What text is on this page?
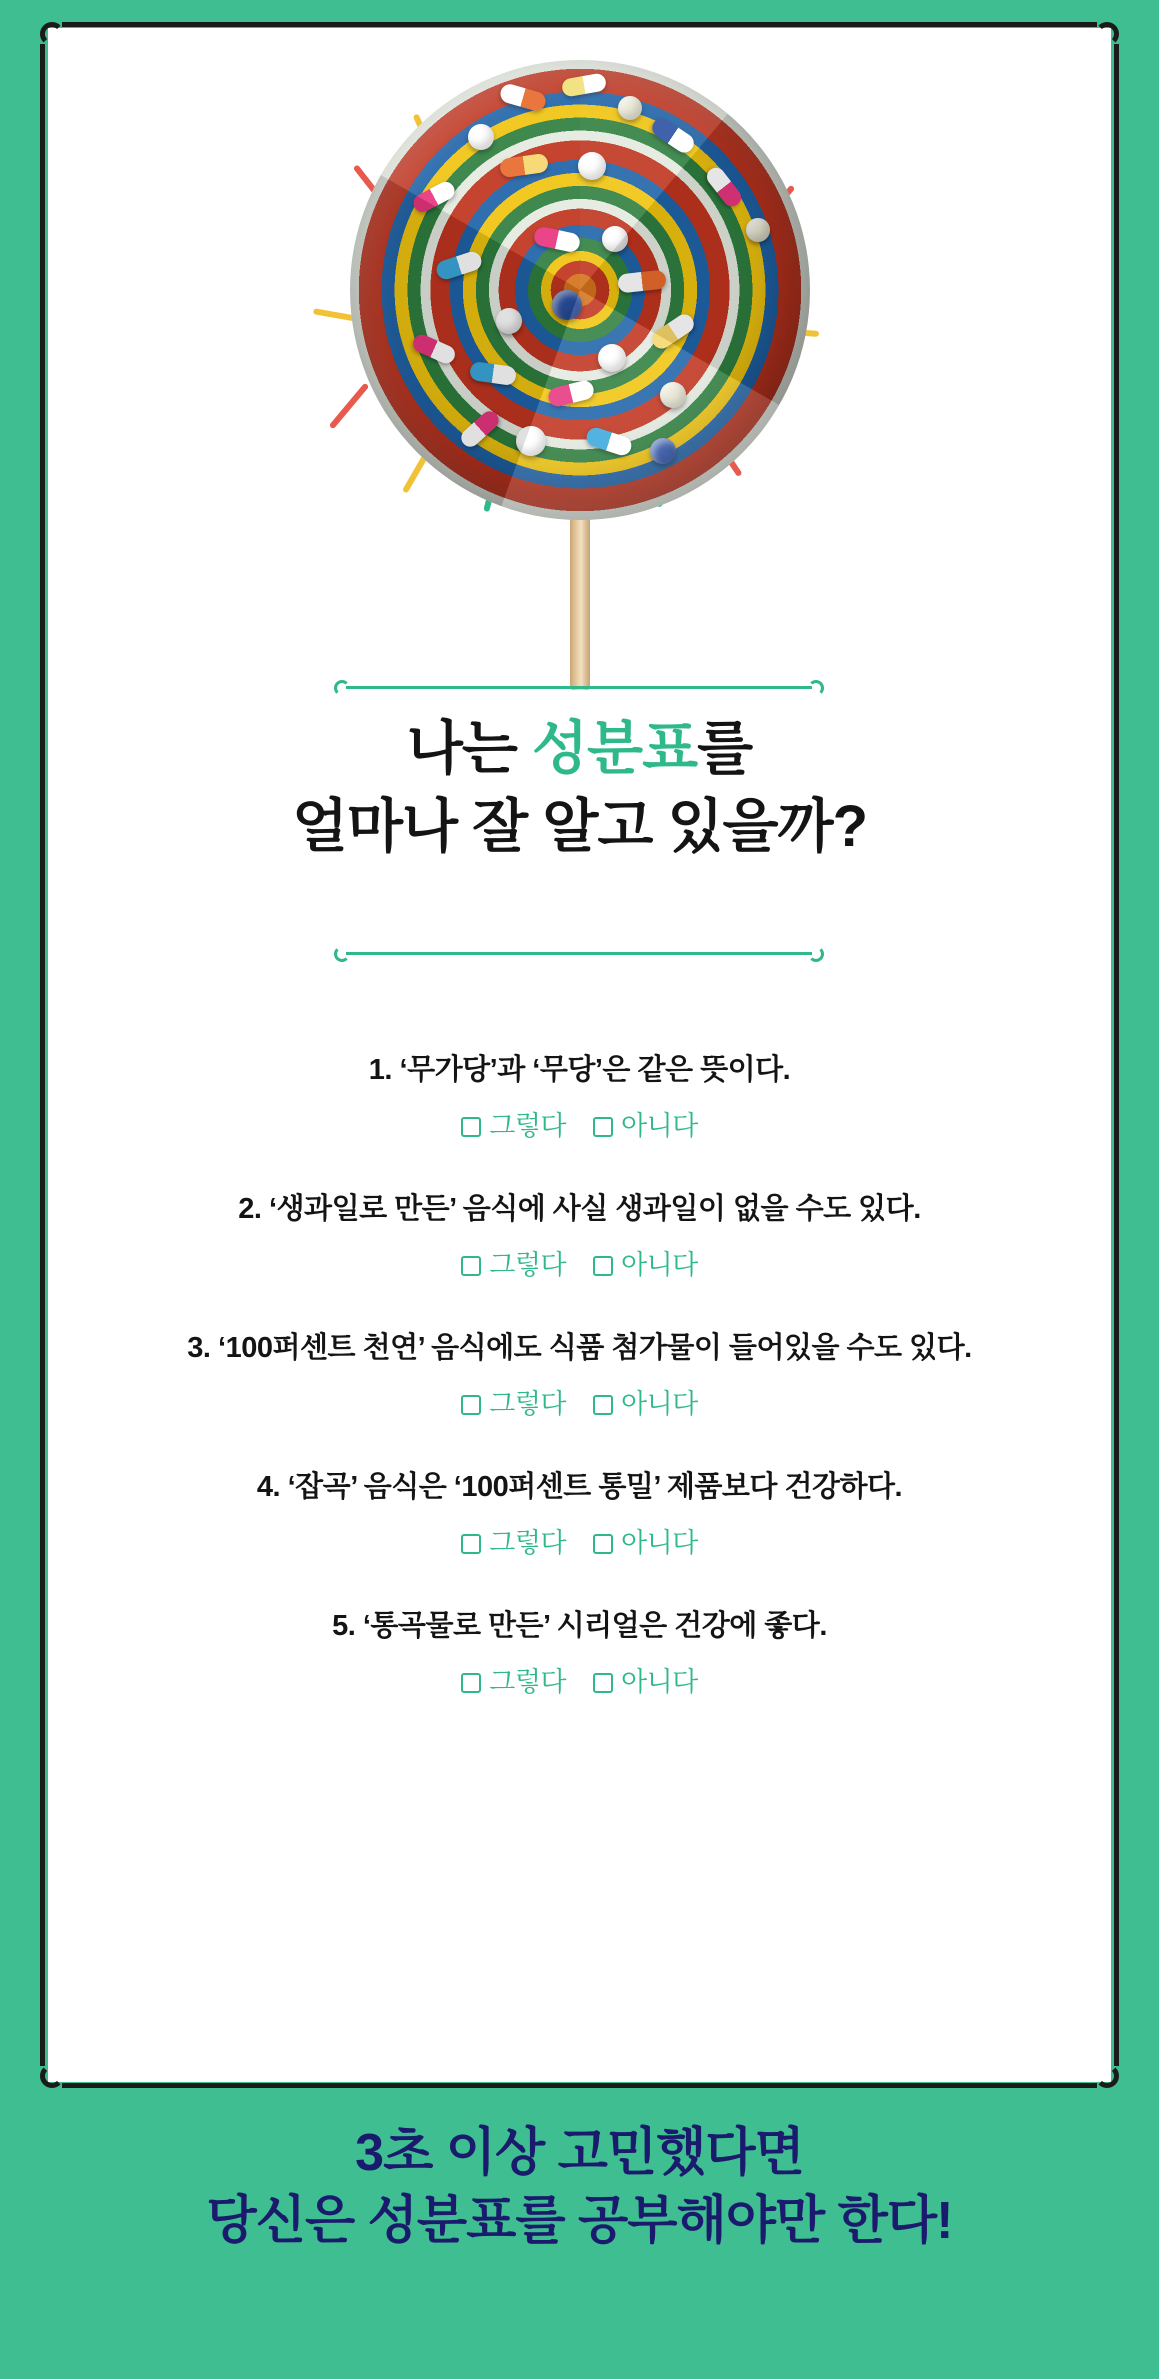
나는 성분표를
얼마나 잘 알고 있을까?
1. ‘무가당’과 ‘무당’은 같은 뜻이다.
그렇다 아니다
2. ‘생과일로 만든’ 음식에 사실 생과일이 없을 수도 있다.
그렇다 아니다
3. ‘100퍼센트 천연’ 음식에도 식품 첨가물이 들어있을 수도 있다.
그렇다 아니다
4. ‘잡곡’ 음식은 ‘100퍼센트 통밀’ 제품보다 건강하다.
그렇다 아니다
5. ‘통곡물로 만든’ 시리얼은 건강에 좋다.
그렇다 아니다
3초 이상 고민했다면
당신은 성분표를 공부해야만 한다!
